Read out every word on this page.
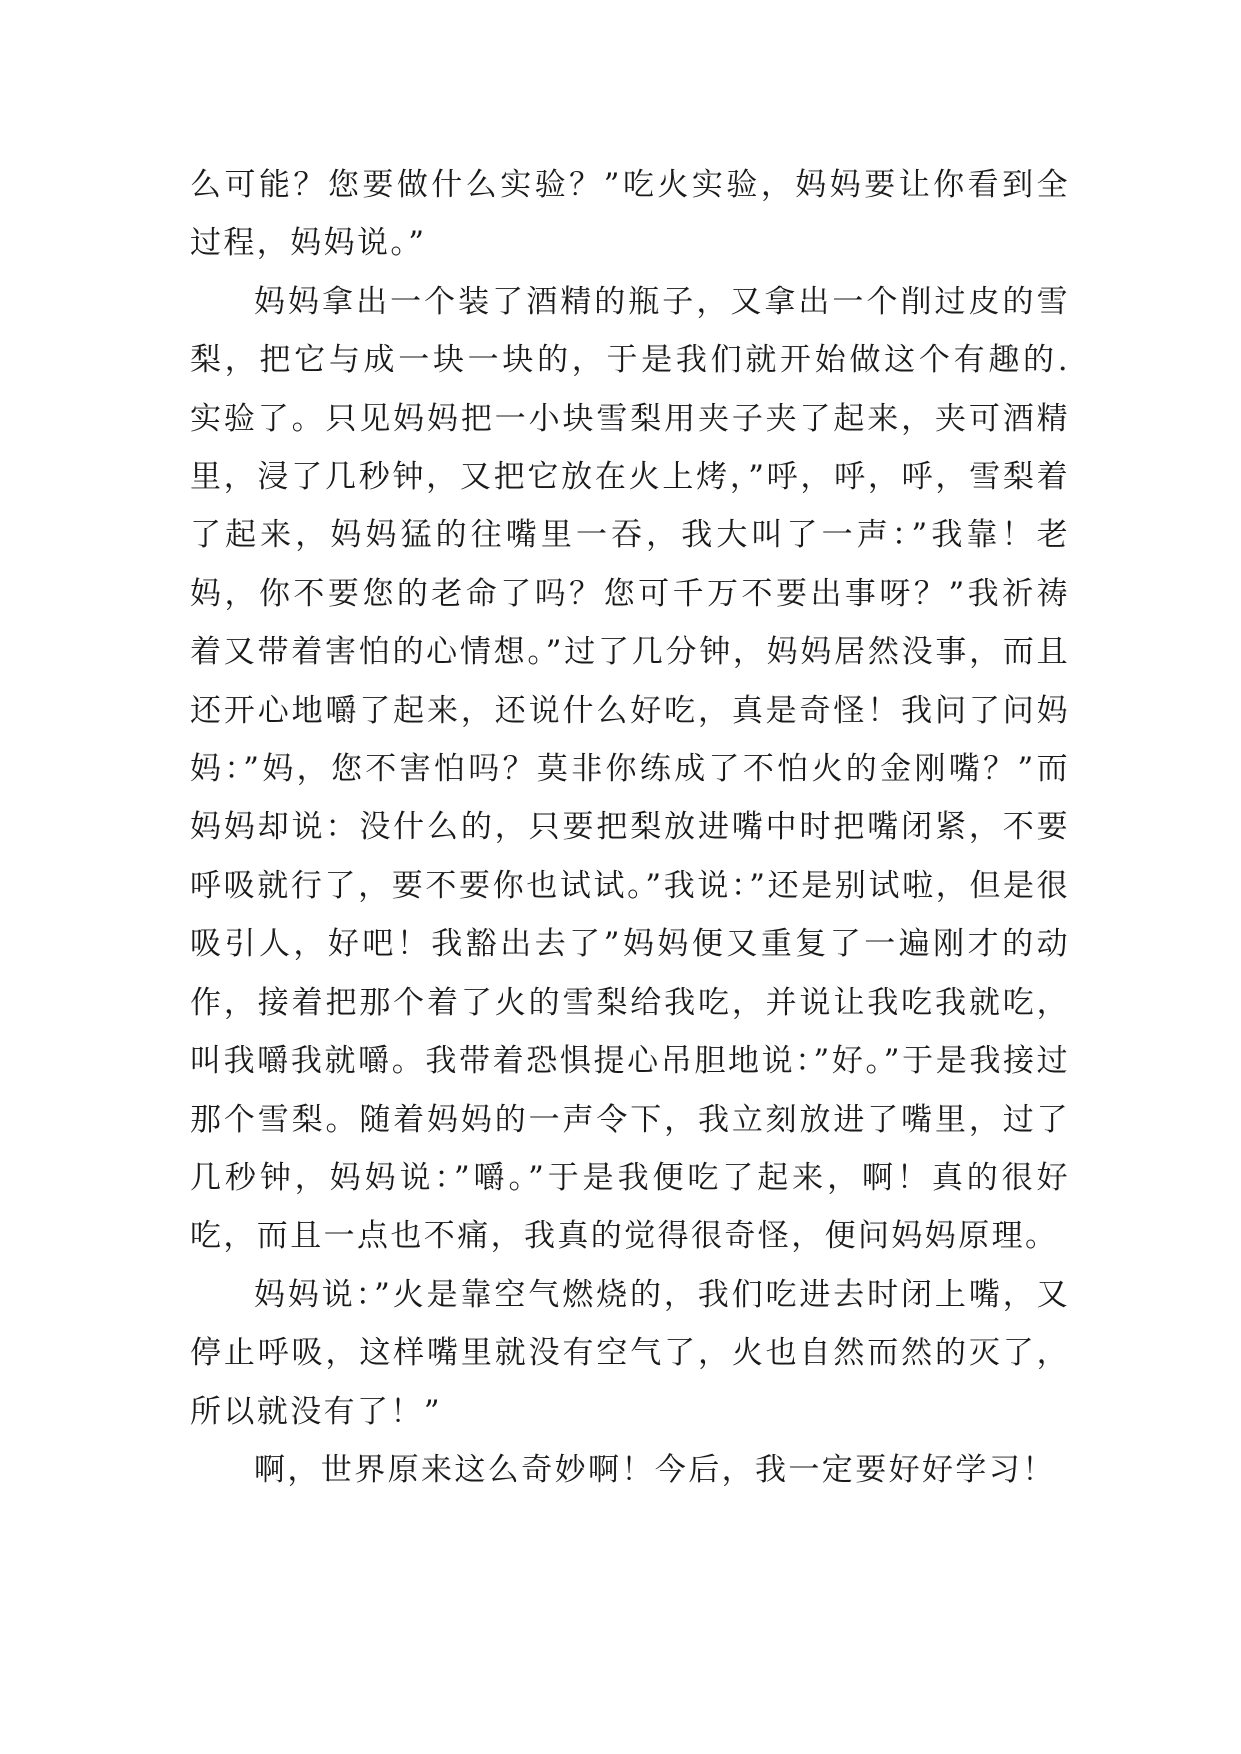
么可能？您要做什么实验？”吃火实验，妈妈要让你看到全过程，妈妈说。”

妈妈拿出一个装了酒精的瓶子，又拿出一个削过皮的雪梨，把它与成一块一块的，于是我们就开始做这个有趣的.实验了。只见妈妈把一小块雪梨用夹子夹了起来，夹可酒精里，浸了几秒钟，又把它放在火上烤，”呼，呼，呼，雪梨着了起来，妈妈猛的往嘴里一吞，我大叫了一声：”我靠！老妈，你不要您的老命了吗？您可千万不要出事呀？”我祈祷着又带着害怕的心情想。”过了几分钟，妈妈居然没事，而且还开心地嚼了起来，还说什么好吃，真是奇怪！我问了问妈妈：”妈，您不害怕吗？莫非你练成了不怕火的金刚嘴？”而妈妈却说：没什么的，只要把梨放进嘴中时把嘴闭紧，不要呼吸就行了，要不要你也试试。”我说：”还是别试啦，但是很吸引人，好吧！我豁出去了”妈妈便又重复了一遍刚才的动作，接着把那个着了火的雪梨给我吃，并说让我吃我就吃，叫我嚼我就嚼。我带着恐惧提心吊胆地说：”好。”于是我接过那个雪梨。随着妈妈的一声令下，我立刻放进了嘴里，过了几秒钟，妈妈说：”嚼。”于是我便吃了起来，啊！真的很好吃，而且一点也不痛，我真的觉得很奇怪，便问妈妈原理。

妈妈说：”火是靠空气燃烧的，我们吃进去时闭上嘴，又停止呼吸，这样嘴里就没有空气了，火也自然而然的灭了，所以就没有了！”

啊，世界原来这么奇妙啊！今后，我一定要好好学习！
